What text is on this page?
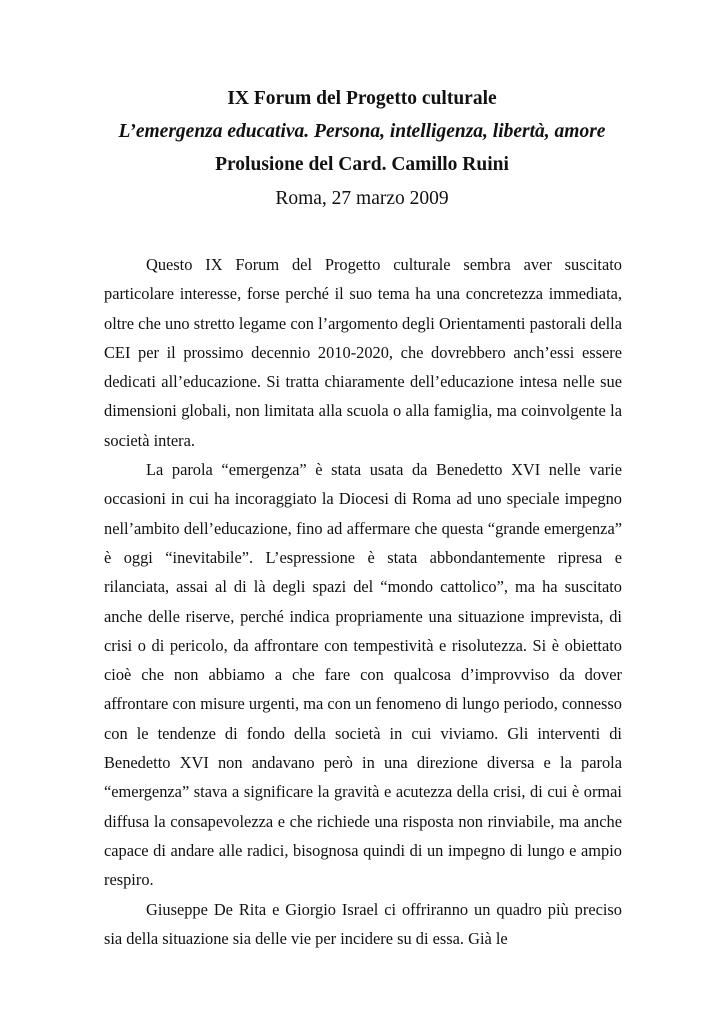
IX Forum del Progetto culturale
L’emergenza educativa. Persona, intelligenza, libertà, amore
Prolusione del Card. Camillo Ruini
Roma, 27 marzo 2009

Questo IX Forum del Progetto culturale sembra aver suscitato particolare interesse, forse perché il suo tema ha una concretezza immediata, oltre che uno stretto legame con l’argomento degli Orientamenti pastorali della CEI per il prossimo decennio 2010-2020, che dovrebbero anch’essi essere dedicati all’educazione. Si tratta chiaramente dell’educazione intesa nelle sue dimensioni globali, non limitata alla scuola o alla famiglia, ma coinvolgente la società intera.

La parola “emergenza” è stata usata da Benedetto XVI nelle varie occasioni in cui ha incoraggiato la Diocesi di Roma ad uno speciale impegno nell’ambito dell’educazione, fino ad affermare che questa “grande emergenza” è oggi “inevitabile”. L’espressione è stata abbondantemente ripresa e rilanciata, assai al di là degli spazi del “mondo cattolico”, ma ha suscitato anche delle riserve, perché indica propriamente una situazione imprevista, di crisi o di pericolo, da affrontare con tempestività e risolutezza. Si è obiettato cioè che non abbiamo a che fare con qualcosa d’improvviso da dover affrontare con misure urgenti, ma con un fenomeno di lungo periodo, connesso con le tendenze di fondo della società in cui viviamo. Gli interventi di Benedetto XVI non andavano però in una direzione diversa e la parola “emergenza” stava a significare la gravità e acutezza della crisi, di cui è ormai diffusa la consapevolezza e che richiede una risposta non rinviabile, ma anche capace di andare alle radici, bisognosa quindi di un impegno di lungo e ampio respiro.

Giuseppe De Rita e Giorgio Israel ci offriranno un quadro più preciso sia della situazione sia delle vie per incidere su di essa. Già le
